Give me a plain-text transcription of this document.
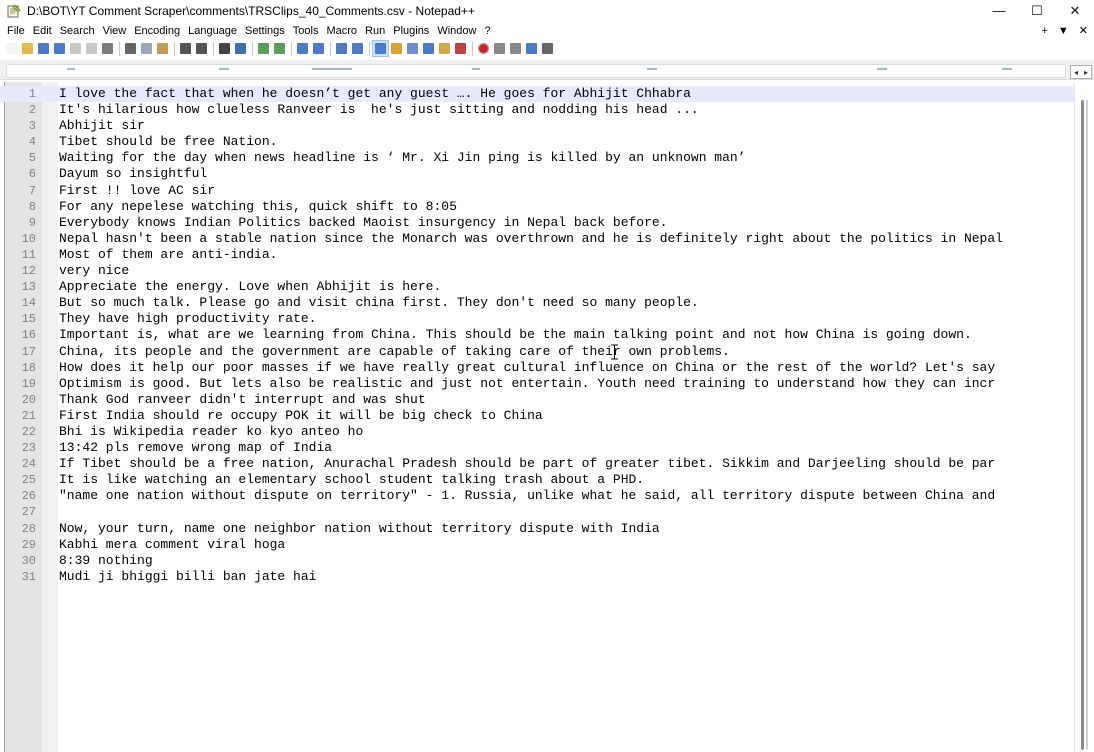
D:\BOT\YT Comment Scraper\comments\TRSClips_40_Comments.csv - Notepad++	—	☐	✕
File Edit Search View Encoding Language Settings Tools Macro Run Plugins Window ?	+ ▼ ✕
◂ ▸
1 I love the fact that when he doesn’t get any guest …. He goes for Abhijit Chhabra
2 It's hilarious how clueless Ranveer is  he's just sitting and nodding his head ...
3 Abhijit sir
4 Tibet should be free Nation.
5 Waiting for the day when news headline is ‘ Mr. Xi Jin ping is killed by an unknown man’
6 Dayum so insightful
7 First !! love AC sir
8 For any nepelese watching this, quick shift to 8:05
9 Everybody knows Indian Politics backed Maoist insurgency in Nepal back before.
10 Nepal hasn't been a stable nation since the Monarch was overthrown and he is definitely right about the politics in Nepal
11 Most of them are anti-india.
12 very nice
13 Appreciate the energy. Love when Abhijit is here.
14 But so much talk. Please go and visit china first. They don't need so many people.
15 They have high productivity rate.
16 Important is, what are we learning from China. This should be the main talking point and not how China is going down.
17 China, its people and the government are capable of taking care of their own problems.
18 How does it help our poor masses if we have really great cultural influence on China or the rest of the world? Let's say
19 Optimism is good. But lets also be realistic and just not entertain. Youth need training to understand how they can incr
20 Thank God ranveer didn't interrupt and was shut
21 First India should re occupy POK it will be big check to China
22 Bhi is Wikipedia reader ko kyo anteo ho
23 13:42 pls remove wrong map of India
24 If Tibet should be a free nation, Anurachal Pradesh should be part of greater tibet. Sikkim and Darjeeling should be par
25 It is like watching an elementary school student talking trash about a PHD.
26 "name one nation without dispute on territory" - 1. Russia, unlike what he said, all territory dispute between China and
27
28 Now, your turn, name one neighbor nation without territory dispute with India
29 Kabhi mera comment viral hoga
30 8:39 nothing
31 Mudi ji bhiggi billi ban jate hai
